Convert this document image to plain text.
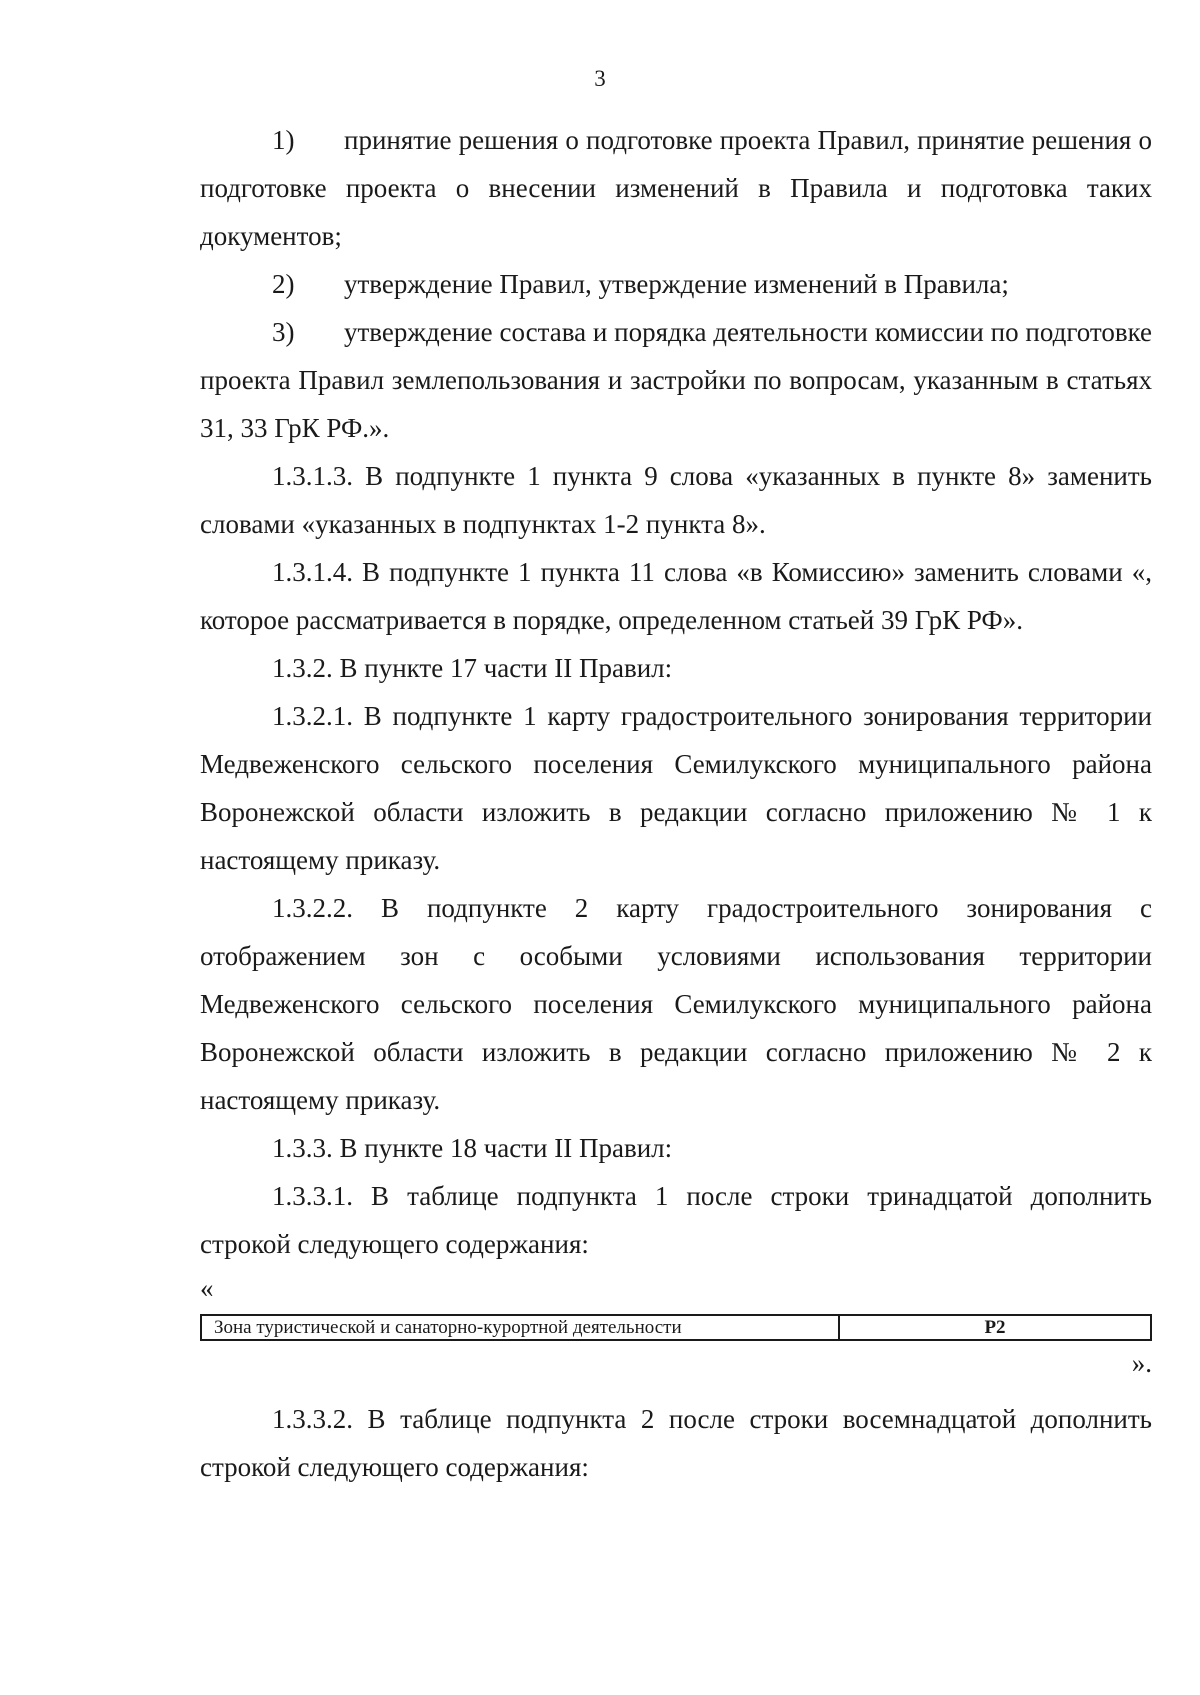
3

1) принятие решения о подготовке проекта Правил, принятие решения о подготовке проекта о внесении изменений в Правила и подготовка таких документов;

2) утверждение Правил, утверждение изменений в Правила;

3) утверждение состава и порядка деятельности комиссии по подготовке проекта Правил землепользования и застройки по вопросам, указанным в статьях 31, 33 ГрК РФ.».

1.3.1.3. В подпункте 1 пункта 9 слова «указанных в пункте 8» заменить словами «указанных в подпунктах 1-2 пункта 8».

1.3.1.4. В подпункте 1 пункта 11 слова «в Комиссию» заменить словами «, которое рассматривается в порядке, определенном статьей 39 ГрК РФ».

1.3.2. В пункте 17 части II Правил:

1.3.2.1. В подпункте 1 карту градостроительного зонирования территории Медвеженского сельского поселения Семилукского муниципального района Воронежской области изложить в редакции согласно приложению № 1 к настоящему приказу.

1.3.2.2. В подпункте 2 карту градостроительного зонирования с отображением зон с особыми условиями использования территории Медвеженского сельского поселения Семилукского муниципального района Воронежской области изложить в редакции согласно приложению № 2 к настоящему приказу.

1.3.3. В пункте 18 части II Правил:

1.3.3.1. В таблице подпункта 1 после строки тринадцатой дополнить строкой следующего содержания:

«

Зона туристической и санаторно-курортной деятельности	Р2

».

1.3.3.2. В таблице подпункта 2 после строки восемнадцатой дополнить строкой следующего содержания:
